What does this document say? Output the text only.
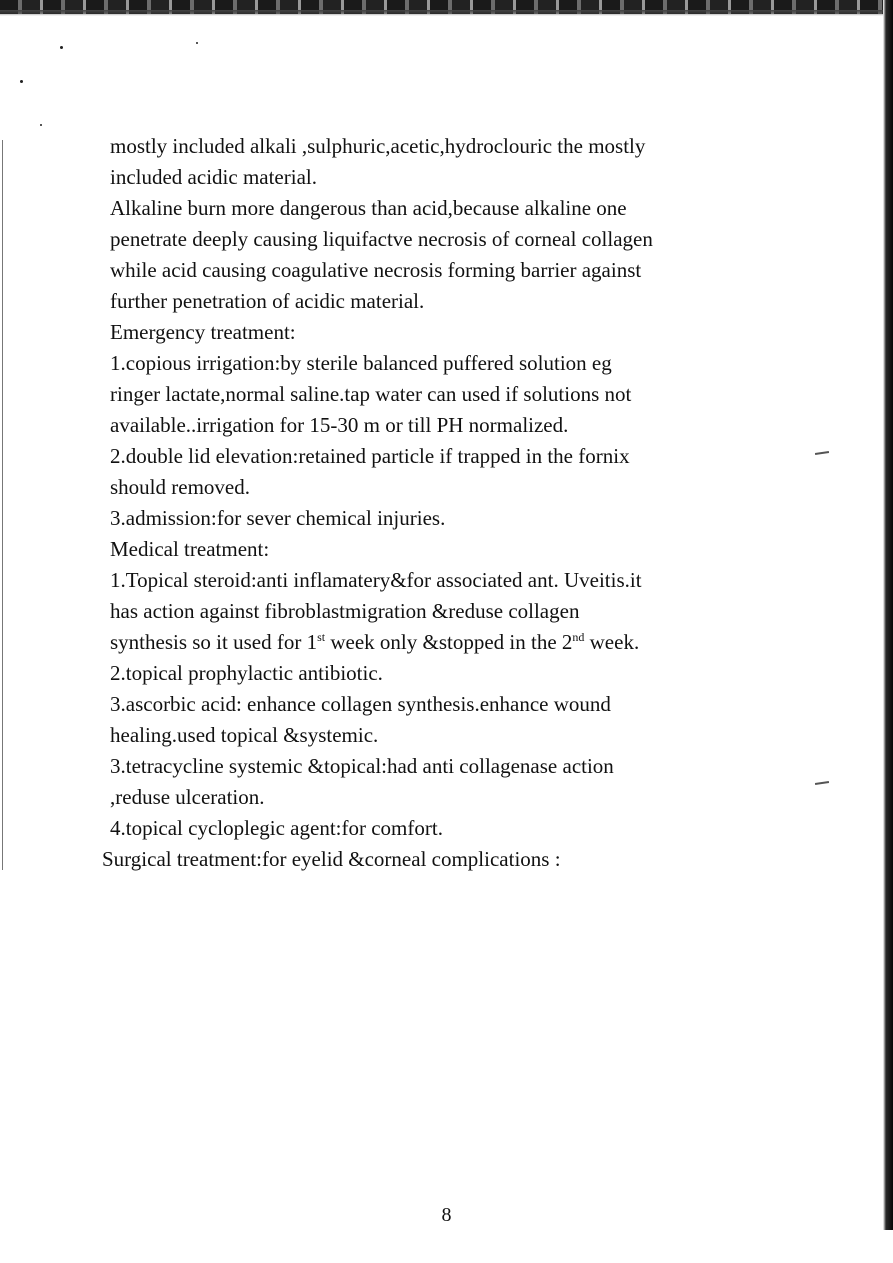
mostly included alkali ,sulphuric,acetic,hydroclouric the mostly
included acidic material.
Alkaline burn more dangerous than acid,because alkaline one
penetrate deeply causing liquifactve necrosis of corneal collagen
while acid causing coagulative necrosis forming barrier against
further penetration of acidic material.
Emergency treatment:
1.copious irrigation:by sterile balanced puffered solution eg
ringer lactate,normal saline.tap water can used if solutions not
available..irrigation for 15-30 m or till PH normalized.
2.double lid elevation:retained particle if trapped in the fornix
should removed.
3.admission:for sever chemical injuries.
Medical treatment:
1.Topical steroid:anti inflamatery&for associated ant. Uveitis.it
has action against fibroblastmigration &reduse collagen
synthesis so it used for 1st week only &stopped in the 2nd week.
2.topical prophylactic antibiotic.
3.ascorbic acid: enhance collagen synthesis.enhance wound
healing.used topical &systemic.
3.tetracycline systemic &topical:had anti collagenase action
,reduse ulceration.
4.topical cycloplegic agent:for comfort.
Surgical treatment:for eyelid &corneal complications :
8
